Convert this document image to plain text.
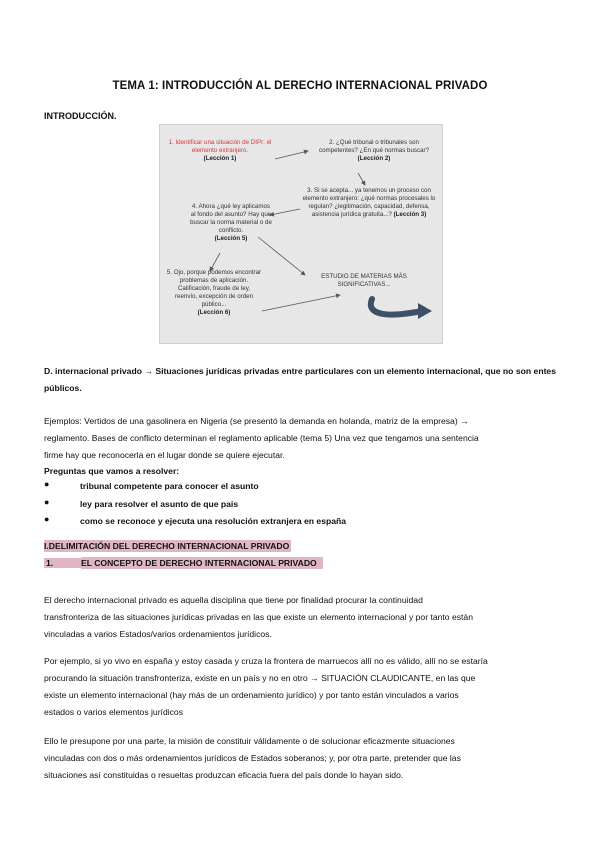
TEMA 1: INTRODUCCIÓN AL DERECHO INTERNACIONAL PRIVADO
INTRODUCCIÓN.
1. Identificar una situación de DIPr: el elemento extranjero.
(Lección 1)
2. ¿Qué tribunal o tribunales son competentes? ¿En qué normas buscar?
(Lección 2)
3. Si se acepta... ya tenemos un proceso con elemento extranjero: ¿qué normas procesales lo regulan? ¿legitimación, capacidad, defensa, asistencia jurídica gratuita...? (Lección 3)
4. Ahora ¿qué ley aplicamos al fondo del asunto? Hay que buscar la norma material o de conflicto.
(Lección 5)
5. Ojo, porque podemos encontrar problemas de aplicación. Calificación, fraude de ley, reenvío, excepción de orden público...
(Lección 6)
ESTUDIO DE MATERIAS MÁS SIGNIFICATIVAS...
D. internacional privado → Situaciones jurídicas privadas entre particulares con un elemento internacional, que no son entes públicos.
Ejemplos: Vertidos de una gasolinera en Nigeria (se presentó la demanda en holanda, matriz de la empresa) →
reglamento. Bases de conflicto determinan el reglamento aplicable (tema 5) Una vez que tengamos una sentencia
firme hay que reconocerla en el lugar donde se quiere ejecutar.
Preguntas que vamos a resolver:
●	tribunal competente para conocer el asunto
●	ley para resolver el asunto de que pais
●	como se reconoce y ejecuta una resolución extranjera en españa
I.DELIMITACIÓN DEL DERECHO INTERNACIONAL PRIVADO
1.	EL CONCEPTO DE DERECHO INTERNACIONAL PRIVADO
El derecho internacional privado es aquella disciplina que tiene por finalidad procurar la continuidad
transfronteriza de las situaciones jurídicas privadas en las que existe un elemento internacional y por tanto están
vinculadas a varios Estados/varios ordenamientos jurídicos.
Por ejemplo, si yo vivo en españa y estoy casada y cruza la frontera de marruecos allí no es válido, allí no se estaría
procurando la situación transfronteriza, existe en un país y no en otro → SITUACIÓN CLAUDICANTE, en las que
existe un elemento internacional (hay más de un ordenamiento jurídico) y por tanto están vinculados a varios
estados o varios elementos jurídicos
Ello le presupone por una parte, la misión de constituir válidamente o de solucionar eficazmente situaciones
vinculadas con dos o más ordenamientos jurídicos de Estados soberanos; y, por otra parte, pretender que las
situaciones así constituidas o resueltas produzcan eficacia fuera del país donde lo hayan sido.
